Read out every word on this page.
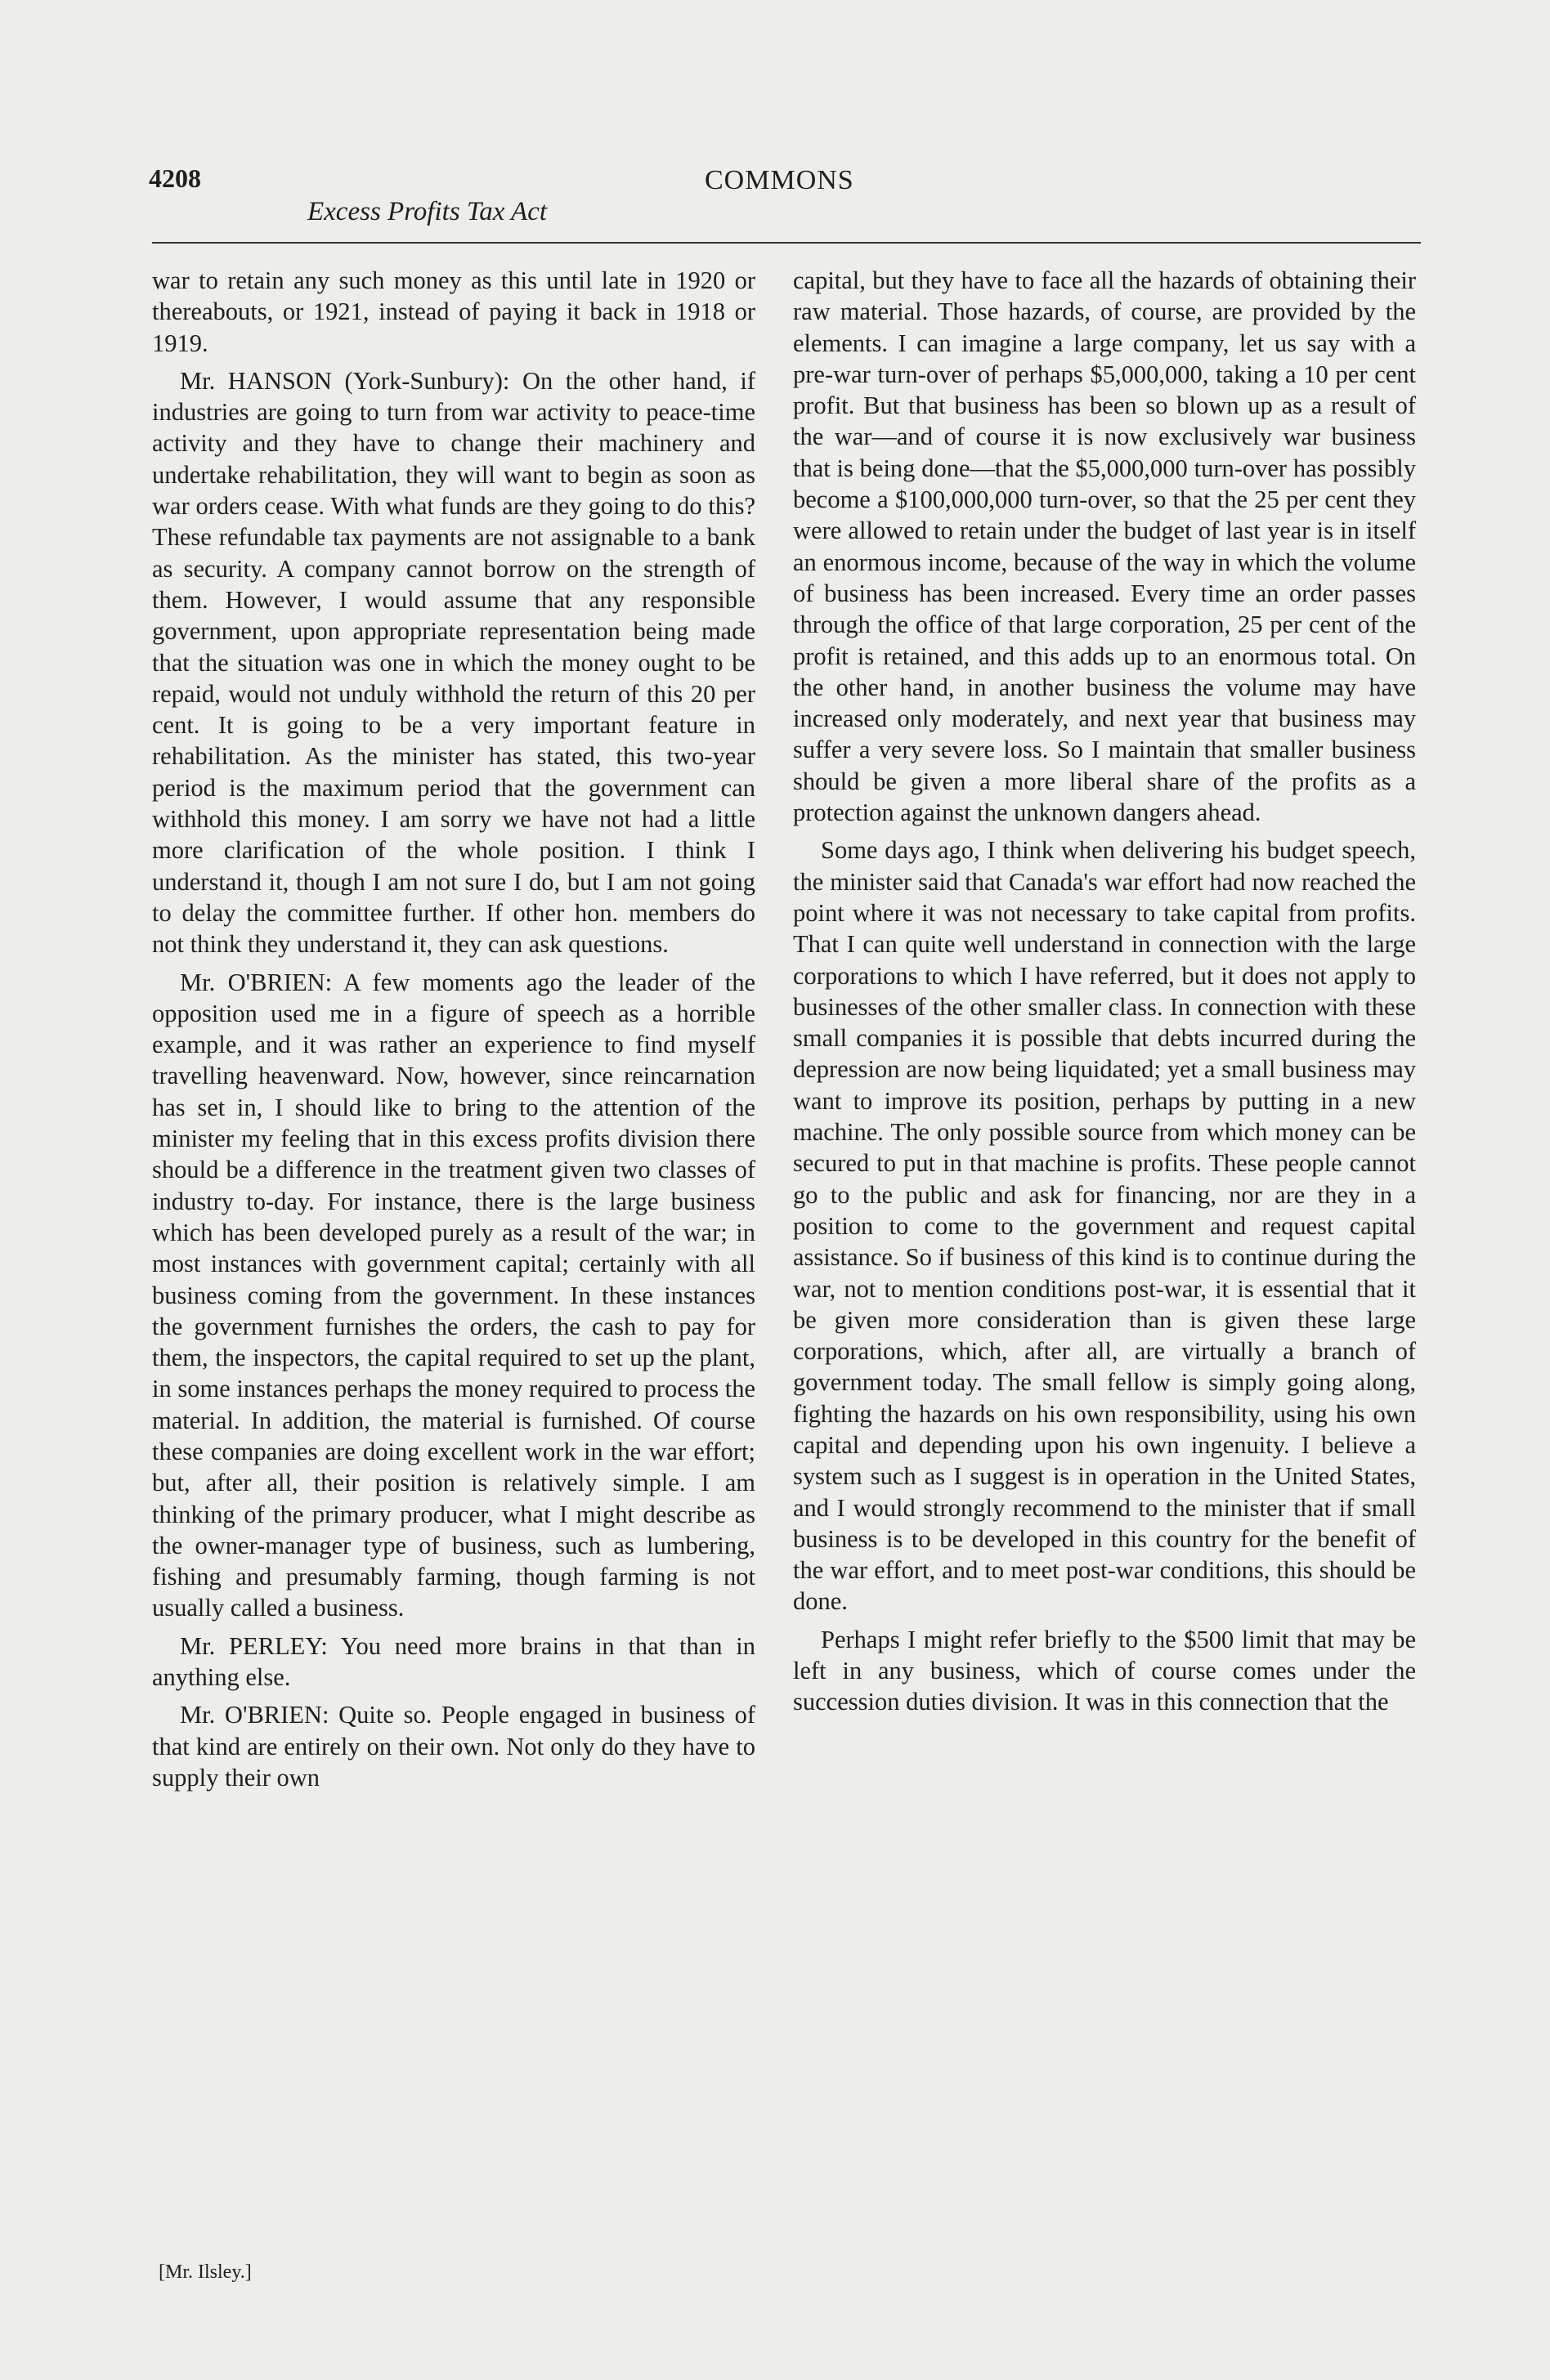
4208	COMMONS
Excess Profits Tax Act

war to retain any such money as this until late in 1920 or thereabouts, or 1921, instead of paying it back in 1918 or 1919.

Mr. HANSON (York-Sunbury): On the other hand, if industries are going to turn from war activity to peace-time activity and they have to change their machinery and undertake rehabilitation, they will want to begin as soon as war orders cease. With what funds are they going to do this? These refundable tax payments are not assignable to a bank as security. A company cannot borrow on the strength of them. However, I would assume that any responsible government, upon appropriate representation being made that the situation was one in which the money ought to be repaid, would not unduly withhold the return of this 20 per cent. It is going to be a very important feature in rehabilitation. As the minister has stated, this two-year period is the maximum period that the government can withhold this money. I am sorry we have not had a little more clarification of the whole position. I think I understand it, though I am not sure I do, but I am not going to delay the committee further. If other hon. members do not think they understand it, they can ask questions.

Mr. O'BRIEN: A few moments ago the leader of the opposition used me in a figure of speech as a horrible example, and it was rather an experience to find myself travelling heavenward. Now, however, since reincarnation has set in, I should like to bring to the attention of the minister my feeling that in this excess profits division there should be a difference in the treatment given two classes of industry to-day. For instance, there is the large business which has been developed purely as a result of the war; in most instances with government capital; certainly with all business coming from the government. In these instances the government furnishes the orders, the cash to pay for them, the inspectors, the capital required to set up the plant, in some instances perhaps the money required to process the material. In addition, the material is furnished. Of course these companies are doing excellent work in the war effort; but, after all, their position is relatively simple. I am thinking of the primary producer, what I might describe as the owner-manager type of business, such as lumbering, fishing and presumably farming, though farming is not usually called a business.

Mr. PERLEY: You need more brains in that than in anything else.

Mr. O'BRIEN: Quite so. People engaged in business of that kind are entirely on their own. Not only do they have to supply their own

capital, but they have to face all the hazards of obtaining their raw material. Those hazards, of course, are provided by the elements. I can imagine a large company, let us say with a pre-war turn-over of perhaps $5,000,000, taking a 10 per cent profit. But that business has been so blown up as a result of the war—and of course it is now exclusively war business that is being done—that the $5,000,000 turn-over has possibly become a $100,000,000 turn-over, so that the 25 per cent they were allowed to retain under the budget of last year is in itself an enormous income, because of the way in which the volume of business has been increased. Every time an order passes through the office of that large corporation, 25 per cent of the profit is retained, and this adds up to an enormous total. On the other hand, in another business the volume may have increased only moderately, and next year that business may suffer a very severe loss. So I maintain that smaller business should be given a more liberal share of the profits as a protection against the unknown dangers ahead.

Some days ago, I think when delivering his budget speech, the minister said that Canada's war effort had now reached the point where it was not necessary to take capital from profits. That I can quite well understand in connection with the large corporations to which I have referred, but it does not apply to businesses of the other smaller class. In connection with these small companies it is possible that debts incurred during the depression are now being liquidated; yet a small business may want to improve its position, perhaps by putting in a new machine. The only possible source from which money can be secured to put in that machine is profits. These people cannot go to the public and ask for financing, nor are they in a position to come to the government and request capital assistance. So if business of this kind is to continue during the war, not to mention conditions post-war, it is essential that it be given more consideration than is given these large corporations, which, after all, are virtually a branch of government today. The small fellow is simply going along, fighting the hazards on his own responsibility, using his own capital and depending upon his own ingenuity. I believe a system such as I suggest is in operation in the United States, and I would strongly recommend to the minister that if small business is to be developed in this country for the benefit of the war effort, and to meet post-war conditions, this should be done.

Perhaps I might refer briefly to the $500 limit that may be left in any business, which of course comes under the succession duties division. It was in this connection that the

[Mr. Ilsley.]
